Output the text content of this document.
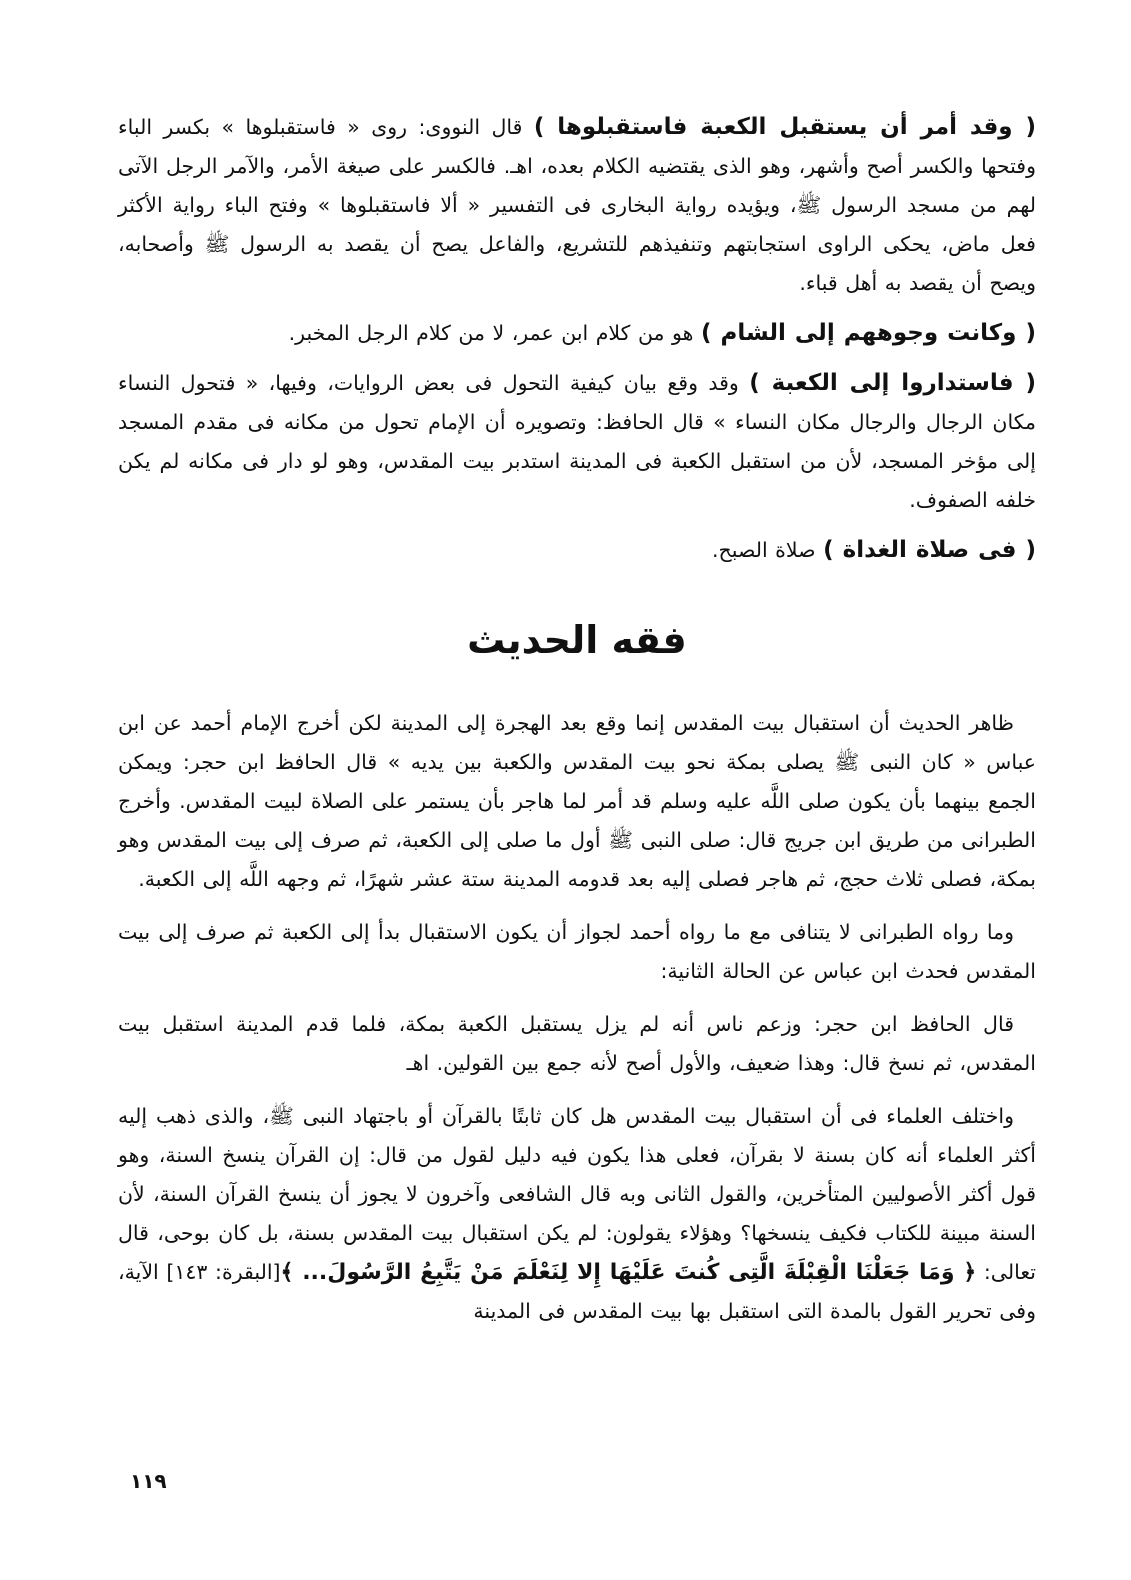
( وقد أمر أن يستقبل الكعبة فاستقبلوها ) قال النووى: روى « فاستقبلوها » بكسر الباء وفتحها والكسر أصح وأشهر، وهو الذى يقتضيه الكلام بعده، اهـ. فالكسر على صيغة الأمر، والآمر الرجل الآتى لهم من مسجد الرسول ﷺ، ويؤيده رواية البخارى فى التفسير « ألا فاستقبلوها » وفتح الباء رواية الأكثر فعل ماض، يحكى الراوى استجابتهم وتنفيذهم للتشريع، والفاعل يصح أن يقصد به الرسول ﷺ وأصحابه، ويصح أن يقصد به أهل قباء.

( وكانت وجوههم إلى الشام ) هو من كلام ابن عمر، لا من كلام الرجل المخبر.

( فاستداروا إلى الكعبة ) وقد وقع بيان كيفية التحول فى بعض الروايات، وفيها، « فتحول النساء مكان الرجال والرجال مكان النساء » قال الحافظ: وتصويره أن الإمام تحول من مكانه فى مقدم المسجد إلى مؤخر المسجد، لأن من استقبل الكعبة فى المدينة استدبر بيت المقدس، وهو لو دار فى مكانه لم يكن خلفه الصفوف.

( فى صلاة الغداة ) صلاة الصبح.

فقه الحديث

ظاهر الحديث أن استقبال بيت المقدس إنما وقع بعد الهجرة إلى المدينة لكن أخرج الإمام أحمد عن ابن عباس « كان النبى ﷺ يصلى بمكة نحو بيت المقدس والكعبة بين يديه » قال الحافظ ابن حجر: ويمكن الجمع بينهما بأن يكون صلى اللَّه عليه وسلم قد أمر لما هاجر بأن يستمر على الصلاة لبيت المقدس. وأخرج الطبرانى من طريق ابن جريج قال: صلى النبى ﷺ أول ما صلى إلى الكعبة، ثم صرف إلى بيت المقدس وهو بمكة، فصلى ثلاث حجج، ثم هاجر فصلى إليه بعد قدومه المدينة ستة عشر شهرًا، ثم وجهه اللَّه إلى الكعبة.

وما رواه الطبرانى لا يتنافى مع ما رواه أحمد لجواز أن يكون الاستقبال بدأ إلى الكعبة ثم صرف إلى بيت المقدس فحدث ابن عباس عن الحالة الثانية:

قال الحافظ ابن حجر: وزعم ناس أنه لم يزل يستقبل الكعبة بمكة، فلما قدم المدينة استقبل بيت المقدس، ثم نسخ قال: وهذا ضعيف، والأول أصح لأنه جمع بين القولين. اهـ

واختلف العلماء فى أن استقبال بيت المقدس هل كان ثابتًا بالقرآن أو باجتهاد النبى ﷺ، والذى ذهب إليه أكثر العلماء أنه كان بسنة لا بقرآن، فعلى هذا يكون فيه دليل لقول من قال: إن القرآن ينسخ السنة، وهو قول أكثر الأصوليين المتأخرين، والقول الثانى وبه قال الشافعى وآخرون لا يجوز أن ينسخ القرآن السنة، لأن السنة مبينة للكتاب فكيف ينسخها؟ وهؤلاء يقولون: لم يكن استقبال بيت المقدس بسنة، بل كان بوحى، قال تعالى: ﴿ وَمَا جَعَلْنَا الْقِبْلَةَ الَّتِى كُنتَ عَلَيْهَا إِلا لِنَعْلَمَ مَنْ يَتَّبِعُ الرَّسُولَ... ﴾[البقرة: ١٤٣] الآية، وفى تحرير القول بالمدة التى استقبل بها بيت المقدس فى المدينة

١١٩
